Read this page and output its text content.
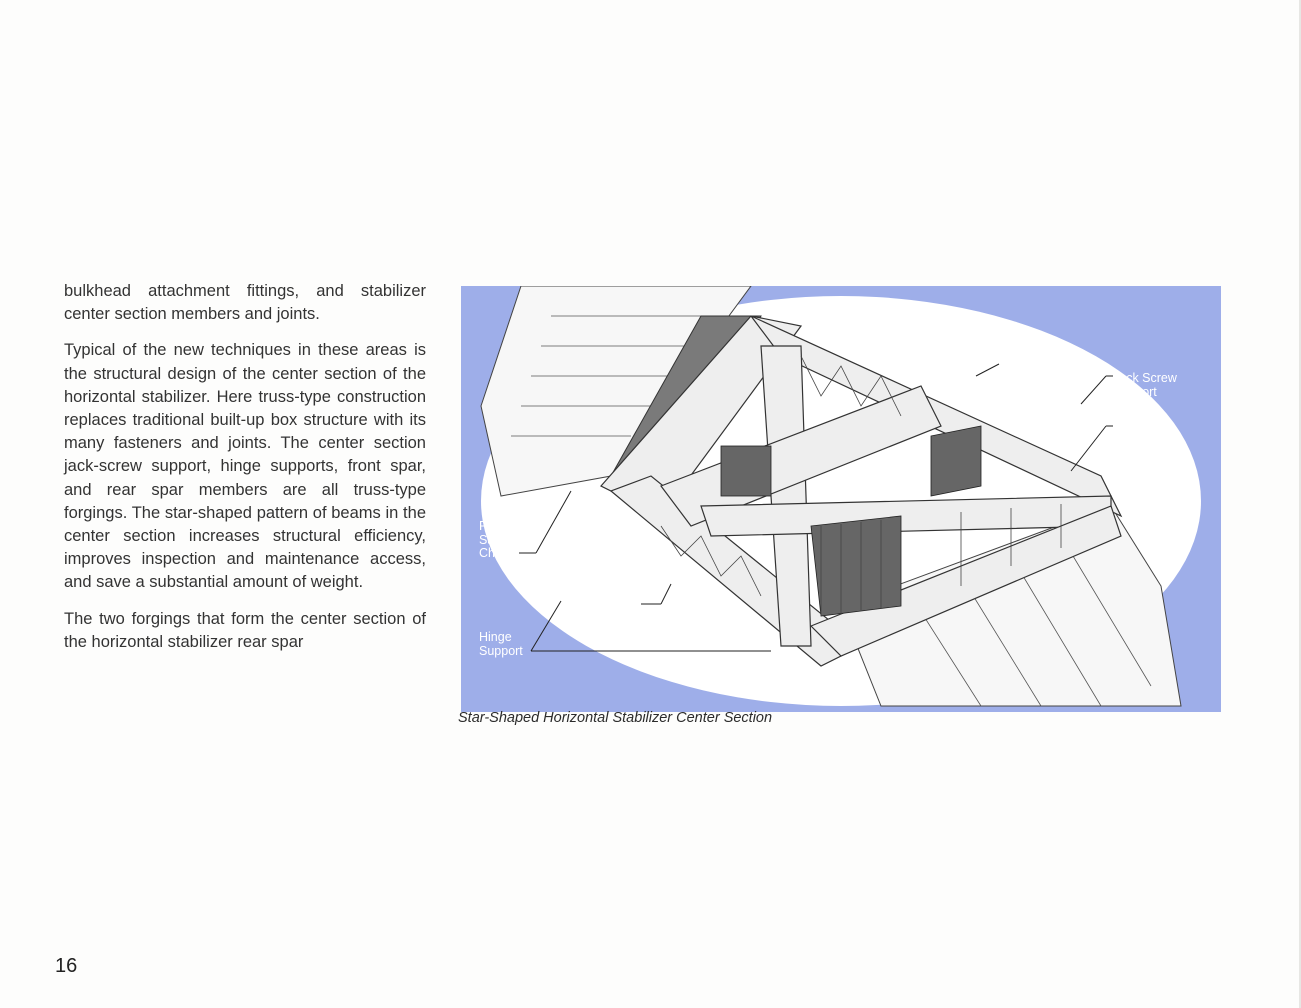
bulkhead attachment fittings, and stabilizer center section members and joints.

Typical of the new techniques in these areas is the structural design of the center section of the horizontal stabilizer. Here truss-type construction replaces traditional built-up box structure with its many fasteners and joints. The center section jack-screw support, hinge supports, front spar, and rear spar members are all truss-type forgings. The star-shaped pattern of beams in the center section increases structural efficiency, improves inspection and maintenance access, and save a substantial amount of weight.

The two forgings that form the center section of the horizontal stabilizer rear spar

Fwd
Jack Screw
Support
Truss-Type
Forging
Fail-
Safe
Chord
Truss-Type
Forging
Hinge
Support
Star-Shaped Horizontal Stabilizer Center Section
16
